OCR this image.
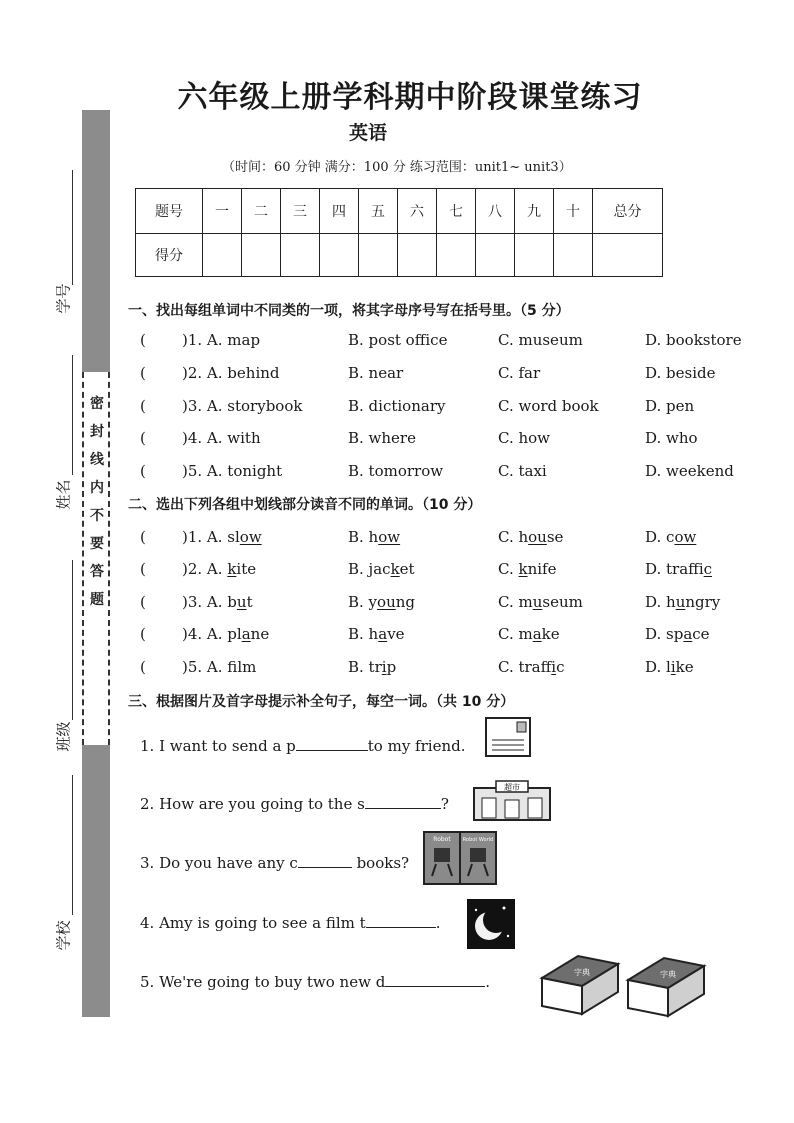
密
封
线
内
不
要
答
题
学号
姓名
班级
学校
六年级上册学科期中阶段课堂练习
英语
（时间：60 分钟 满分：100 分 练习范围：unit1~ unit3）
题号	一	二	三	四	五	六	七	八	九	十	总分
得分											
一、找出每组单词中不同类的一项，将其字母序号写在括号里。（5 分）
( )1. A. map	B. post office	C. museum	D. bookstore
( )2. A. behind	B. near	C. far	D. beside
( )3. A. storybook	B. dictionary	C. word book	D. pen
( )4. A. with	B. where	C. how	D. who
( )5. A. tonight	B. tomorrow	C. taxi	D. weekend
二、选出下列各组中划线部分读音不同的单词。（10 分）
( )1. A. slow	B. how	C. house	D. cow
( )2. A. kite	B. jacket	C. knife	D. traffic
( )3. A. but	B. young	C. museum	D. hungry
( )4. A. plane	B. have	C. make	D. space
( )5. A. flm	B. trip	C. traffic	D. like
三、根据图片及首字母提示补全句子，每空一词。（共 10 分）
1. I want to send a p	to my friend.
2. How are you going to the s	?
3. Do you have any c	books?
4. Amy is going to see a film t	.
5. We're going to buy two new d	.
超市
Robot Robot World
字典	字典
